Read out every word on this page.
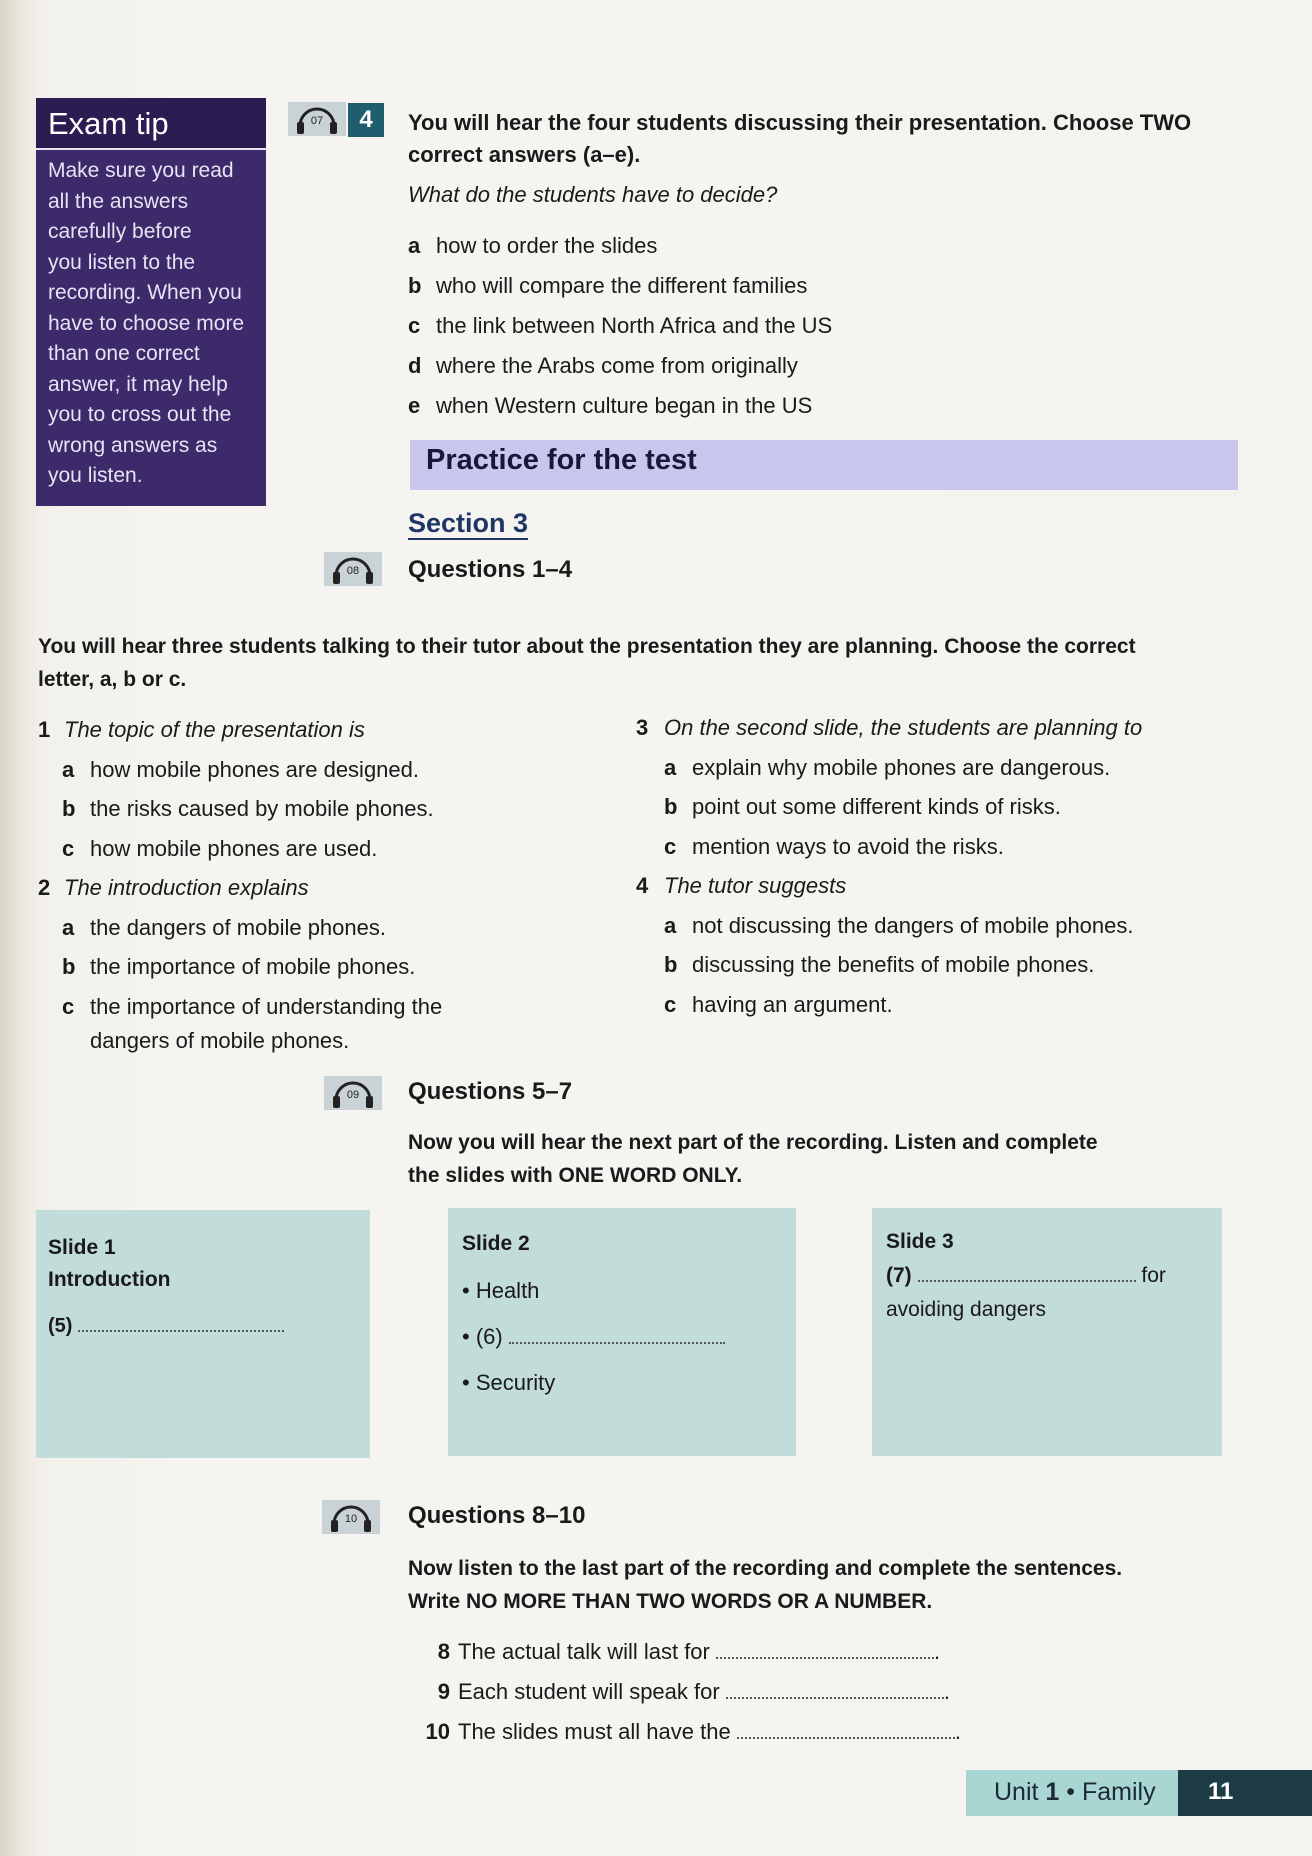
Exam tip
Make sure you read
all the answers
carefully before
you listen to the
recording. When you
have to choose more
than one correct
answer, it may help
you to cross out the
wrong answers as
you listen.
07	4	You will hear the four students discussing their presentation. Choose TWO
correct answers (a–e).
What do the students have to decide?
a how to order the slides
b who will compare the different families
c the link between North Africa and the US
d where the Arabs come from originally
e when Western culture began in the US
Practice for the test
Section 3
08 Questions 1–4
You will hear three students talking to their tutor about the presentation they are planning. Choose the correct
letter, a, b or c.
1 The topic of the presentation is
a how mobile phones are designed.
b the risks caused by mobile phones.
c how mobile phones are used.
2 The introduction explains
a the dangers of mobile phones.
b the importance of mobile phones.
c the importance of understanding the
dangers of mobile phones.
3 On the second slide, the students are planning to
a explain why mobile phones are dangerous.
b point out some different kinds of risks.
c mention ways to avoid the risks.
4 The tutor suggests
a not discussing the dangers of mobile phones.
b discussing the benefits of mobile phones.
c having an argument.
09 Questions 5–7
Now you will hear the next part of the recording. Listen and complete
the slides with ONE WORD ONLY.
Slide 1
Introduction
(5)
Slide 2
• Health
• (6)
• Security
Slide 3
(7)	for
avoiding dangers
10 Questions 8–10
Now listen to the last part of the recording and complete the sentences.
Write NO MORE THAN TWO WORDS OR A NUMBER.
8 The actual talk will last for	.
9 Each student will speak for	.
10 The slides must all have the	.
Unit 1 • Family 11
